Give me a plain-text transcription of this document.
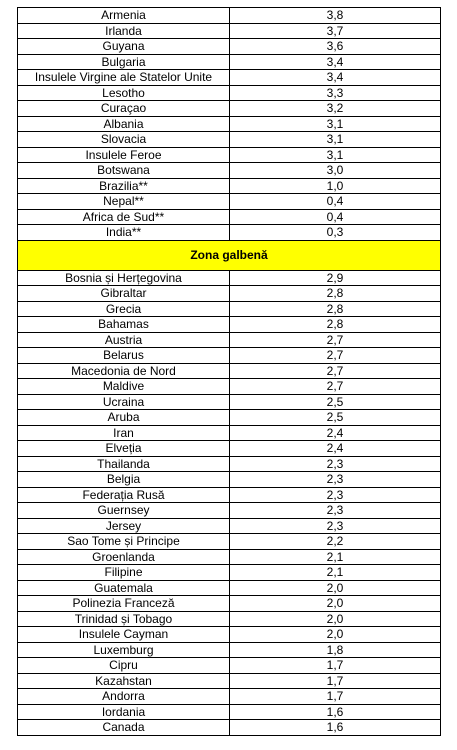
Armenia	3,8
Irlanda	3,7
Guyana	3,6
Bulgaria	3,4
Insulele Virgine ale Statelor Unite	3,4
Lesotho	3,3
Curaçao	3,2
Albania	3,1
Slovacia	3,1
Insulele Feroe	3,1
Botswana	3,0
Brazilia**	1,0
Nepal**	0,4
Africa de Sud**	0,4
India**	0,3
Zona galbenă	
Bosnia și Herțegovina	2,9
Gibraltar	2,8
Grecia	2,8
Bahamas	2,8
Austria	2,7
Belarus	2,7
Macedonia de Nord	2,7
Maldive	2,7
Ucraina	2,5
Aruba	2,5
Iran	2,4
Elveția	2,4
Thailanda	2,3
Belgia	2,3
Federația Rusă	2,3
Guernsey	2,3
Jersey	2,3
Sao Tome și Principe	2,2
Groenlanda	2,1
Filipine	2,1
Guatemala	2,0
Polinezia Franceză	2,0
Trinidad și Tobago	2,0
Insulele Cayman	2,0
Luxemburg	1,8
Cipru	1,7
Kazahstan	1,7
Andorra	1,7
Iordania	1,6
Canada	1,6
